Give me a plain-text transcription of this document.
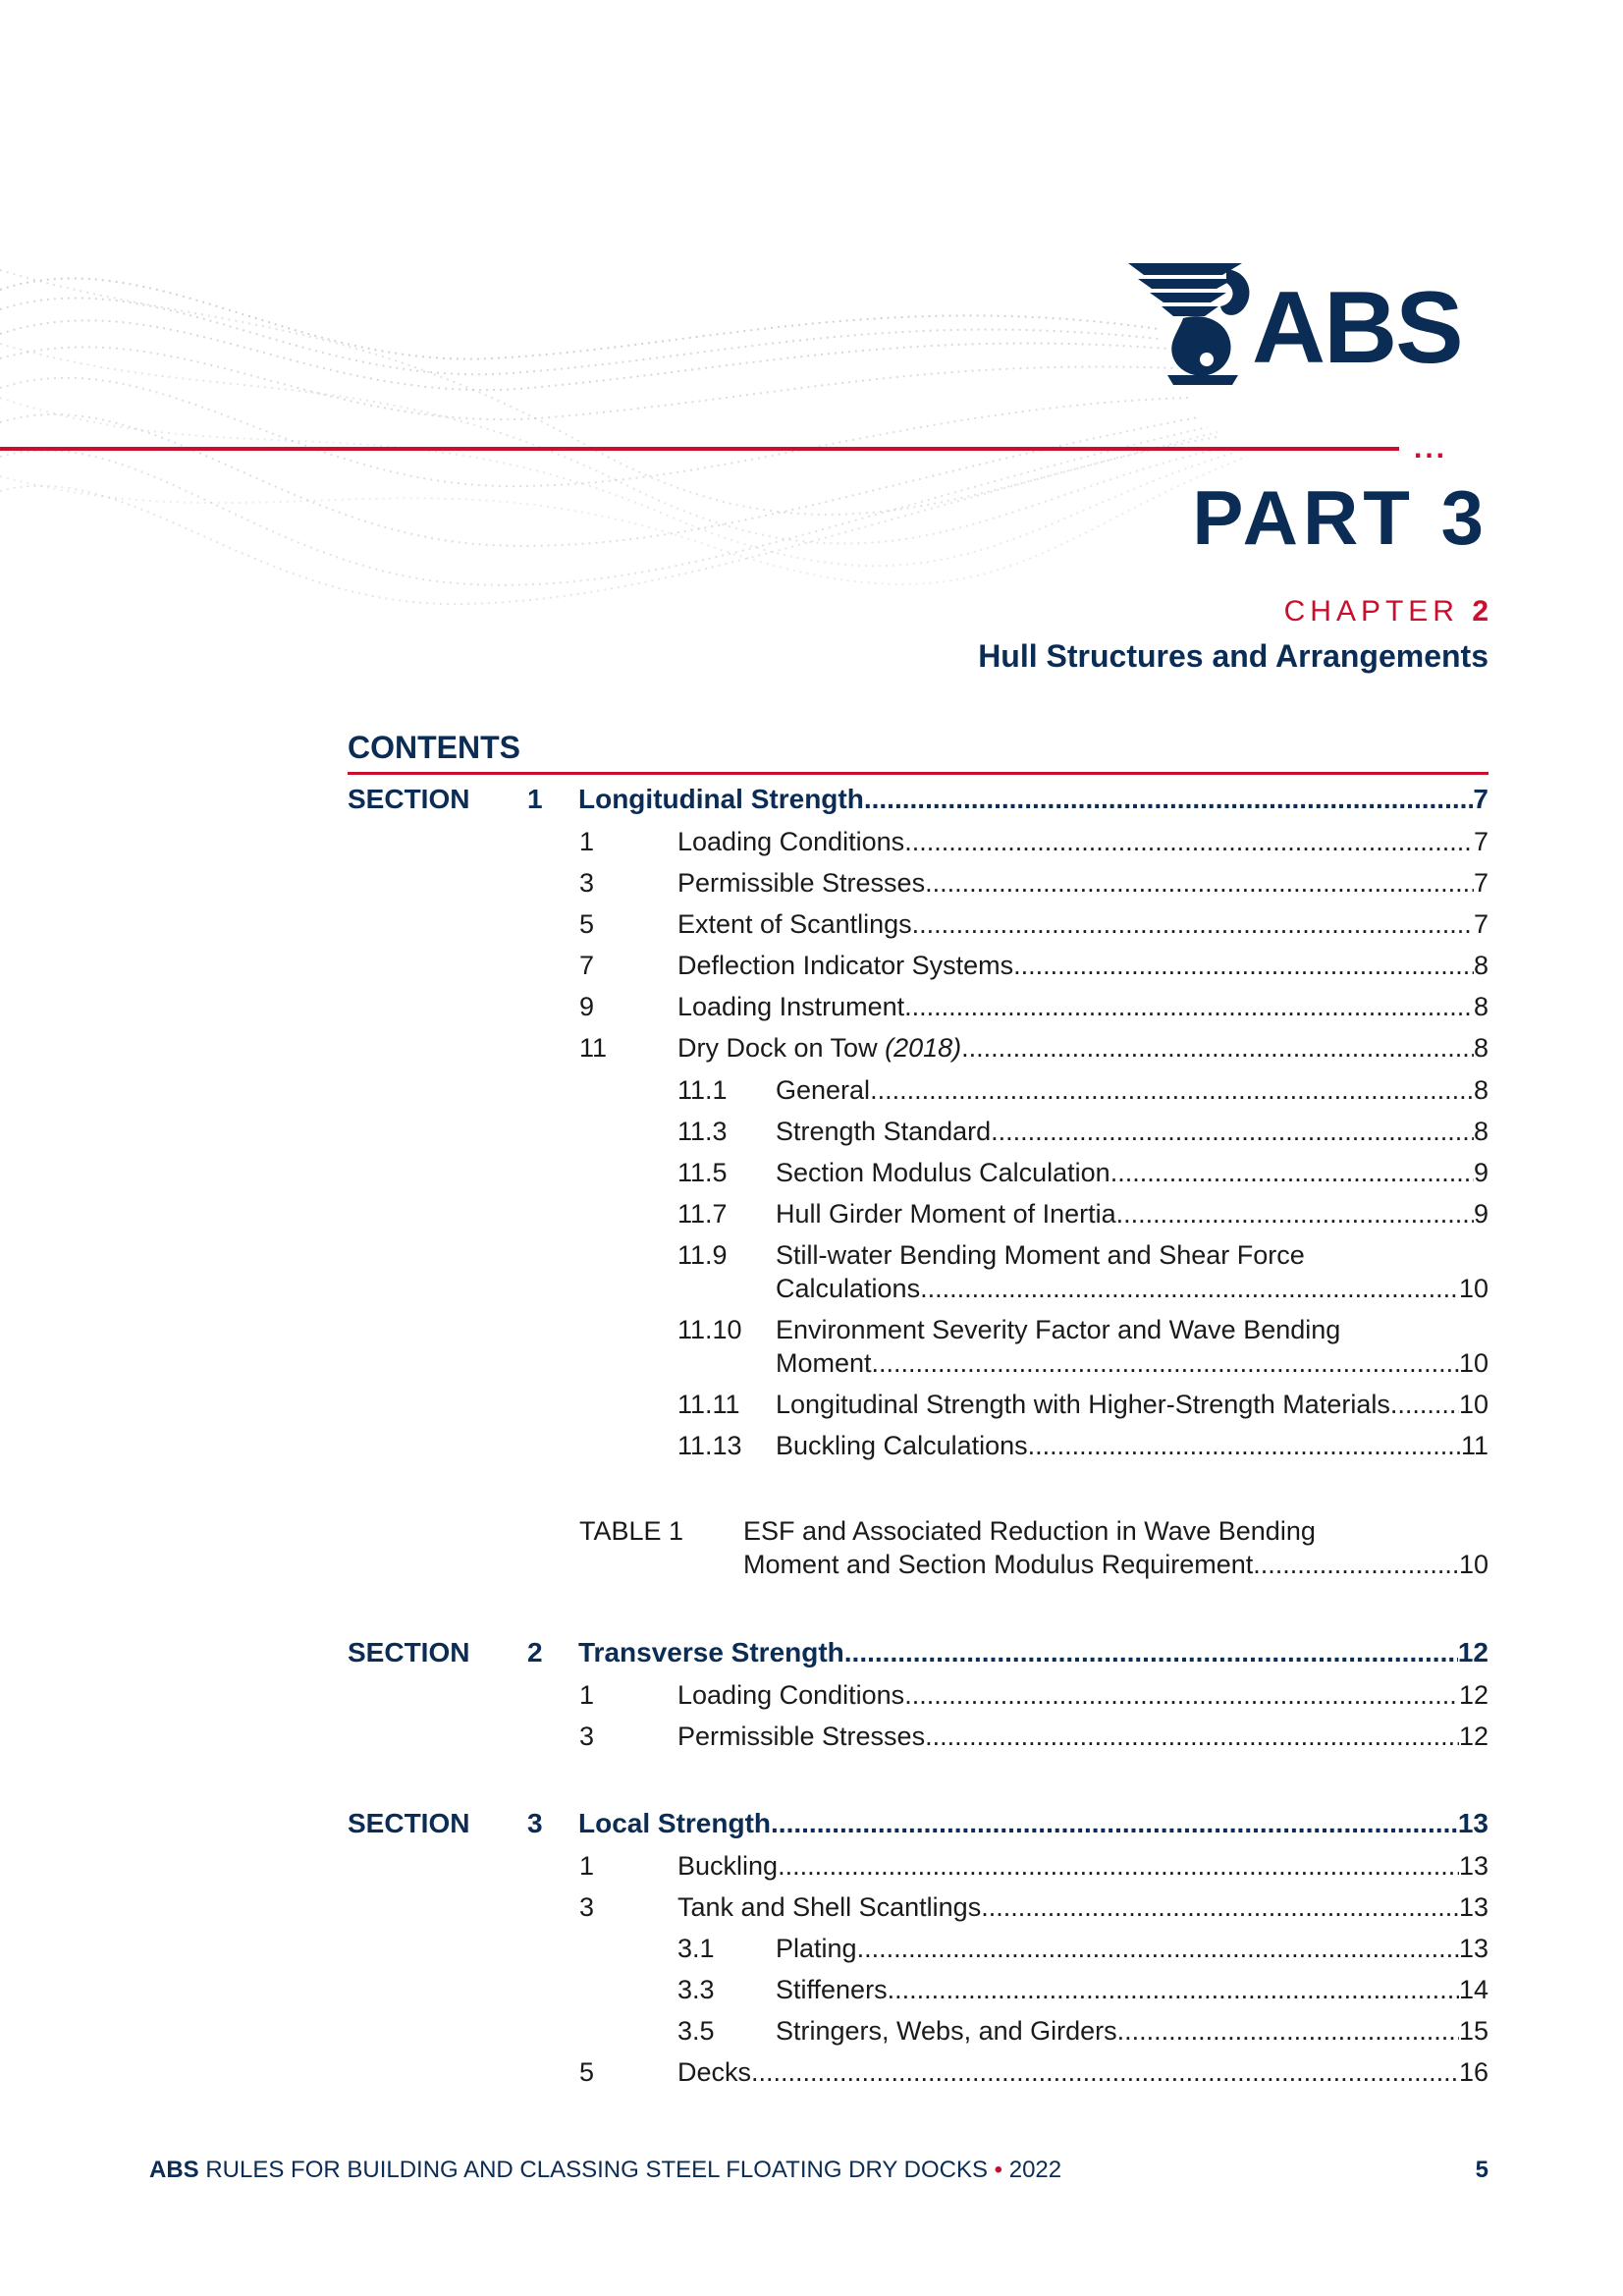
...
ABS
PART 3
CHAPTER 2
Hull Structures and Arrangements
CONTENTS
SECTION 1 Longitudinal Strength .....	7
1	Loading Conditions .....	7
3	Permissible Stresses .....	7
5	Extent of Scantlings .....	7
7	Deflection Indicator Systems .....	8
9	Loading Instrument .....	8
11	Dry Dock on Tow (2018) .....	8
11.1 General .....	8
11.3 Strength Standard .....	8
11.5 Section Modulus Calculation .....	9
11.7 Hull Girder Moment of Inertia .....	9
11.9 Still-water Bending Moment and Shear Force
Calculations .....	10
11.10 Environment Severity Factor and Wave Bending
Moment .....	10
11.11 Longitudinal Strength with Higher-Strength Materials .....	10
11.13 Buckling Calculations .....	11
TABLE 1 ESF and Associated Reduction in Wave Bending
Moment and Section Modulus Requirement .....	10
SECTION 2 Transverse Strength .....	12
1	Loading Conditions .....	12
3	Permissible Stresses .....	12
SECTION 3 Local Strength .....	13
1	Buckling .....	13
3	Tank and Shell Scantlings .....	13
3.1 Plating .....	13
3.3 Stiffeners .....	14
3.5 Stringers, Webs, and Girders .....	15
5	Decks .....	16
ABS RULES FOR BUILDING AND CLASSING STEEL FLOATING DRY DOCKS • 2022	5
